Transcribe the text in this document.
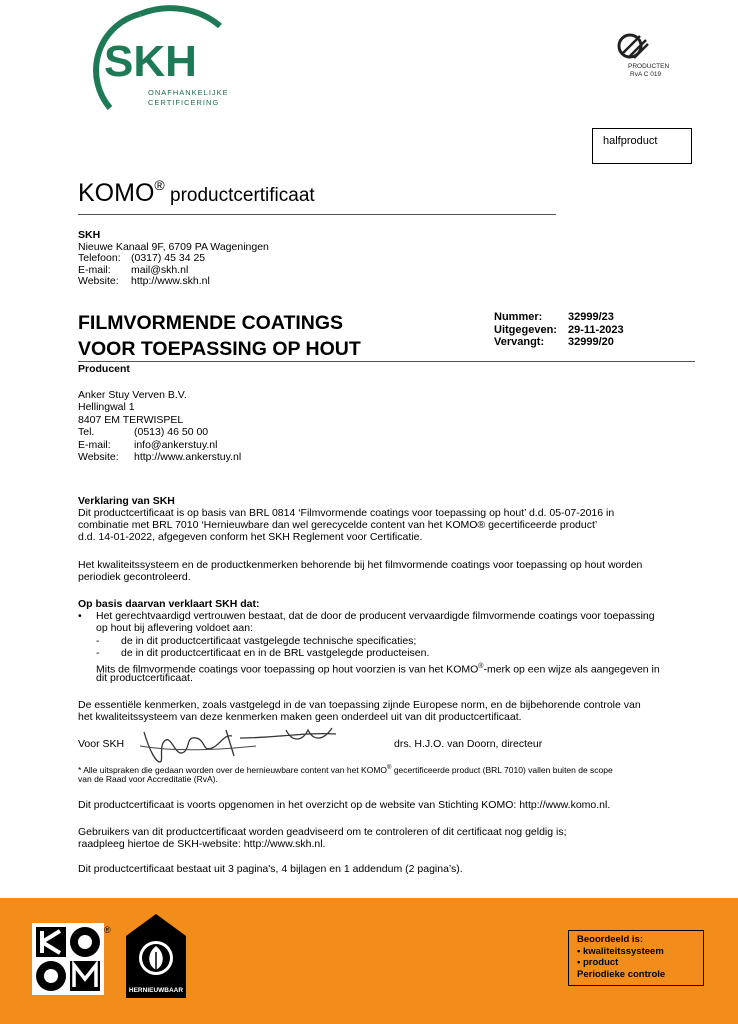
SKH
ONAFHANKELIJKE
CERTIFICERING
PRODUCTEN
RvA C 019
halfproduct
KOMO® productcertificaat
SKH
Nieuwe Kanaal 9F, 6709 PA Wageningen
Telefoon: (0317) 45 34 25
E-mail: mail@skh.nl
Website: http://www.skh.nl
FILMVORMENDE COATINGS
VOOR TOEPASSING OP HOUT
Nummer: 32999/23
Uitgegeven: 29-11-2023
Vervangt: 32999/20
Producent
Anker Stuy Verven B.V.
Hellingwal 1
8407 EM TERWISPEL
Tel.	(0513) 46 50 00
E-mail: info@ankerstuy.nl
Website: http://www.ankerstuy.nl
Verklaring van SKH
Dit productcertificaat is op basis van BRL 0814 ‘Filmvormende coatings voor toepassing op hout’ d.d. 05-07-2016 in
combinatie met BRL 7010 ‘Hernieuwbare dan wel gerecycelde content van het KOMO® gecertificeerde product’
d.d. 14-01-2022, afgegeven conform het SKH Reglement voor Certificatie.
Het kwaliteitssysteem en de productkenmerken behorende bij het filmvormende coatings voor toepassing op hout worden
periodiek gecontroleerd.
Op basis daarvan verklaart SKH dat:
• Het gerechtvaardigd vertrouwen bestaat, dat de door de producent vervaardigde filmvormende coatings voor toepassing
op hout bij aflevering voldoet aan:
- de in dit productcertificaat vastgelegde technische specificaties;
- de in dit productcertificaat en in de BRL vastgelegde producteisen.
Mits de filmvormende coatings voor toepassing op hout voorzien is van het KOMO®-merk op een wijze als aangegeven in
dit productcertificaat.
De essentiële kenmerken, zoals vastgelegd in de van toepassing zijnde Europese norm, en de bijbehorende controle van
het kwaliteitssysteem van deze kenmerken maken geen onderdeel uit van dit productcertificaat.
Voor SKH	drs. H.J.O. van Doorn, directeur
* Alle uitspraken die gedaan worden over de hernieuwbare content van het KOMO® gecertificeerde product (BRL 7010) vallen buiten de scope
van de Raad voor Accreditatie (RvA).
Dit productcertificaat is voorts opgenomen in het overzicht op de website van Stichting KOMO: http://www.komo.nl.
Gebruikers van dit productcertificaat worden geadviseerd om te controleren of dit certificaat nog geldig is;
raadpleeg hiertoe de SKH-website: http://www.skh.nl.
Dit productcertificaat bestaat uit 3 pagina's, 4 bijlagen en 1 addendum (2 pagina’s).
®
HERNIEUWBAAR
Beoordeeld is:
• kwaliteitssysteem
• product
Periodieke controle
